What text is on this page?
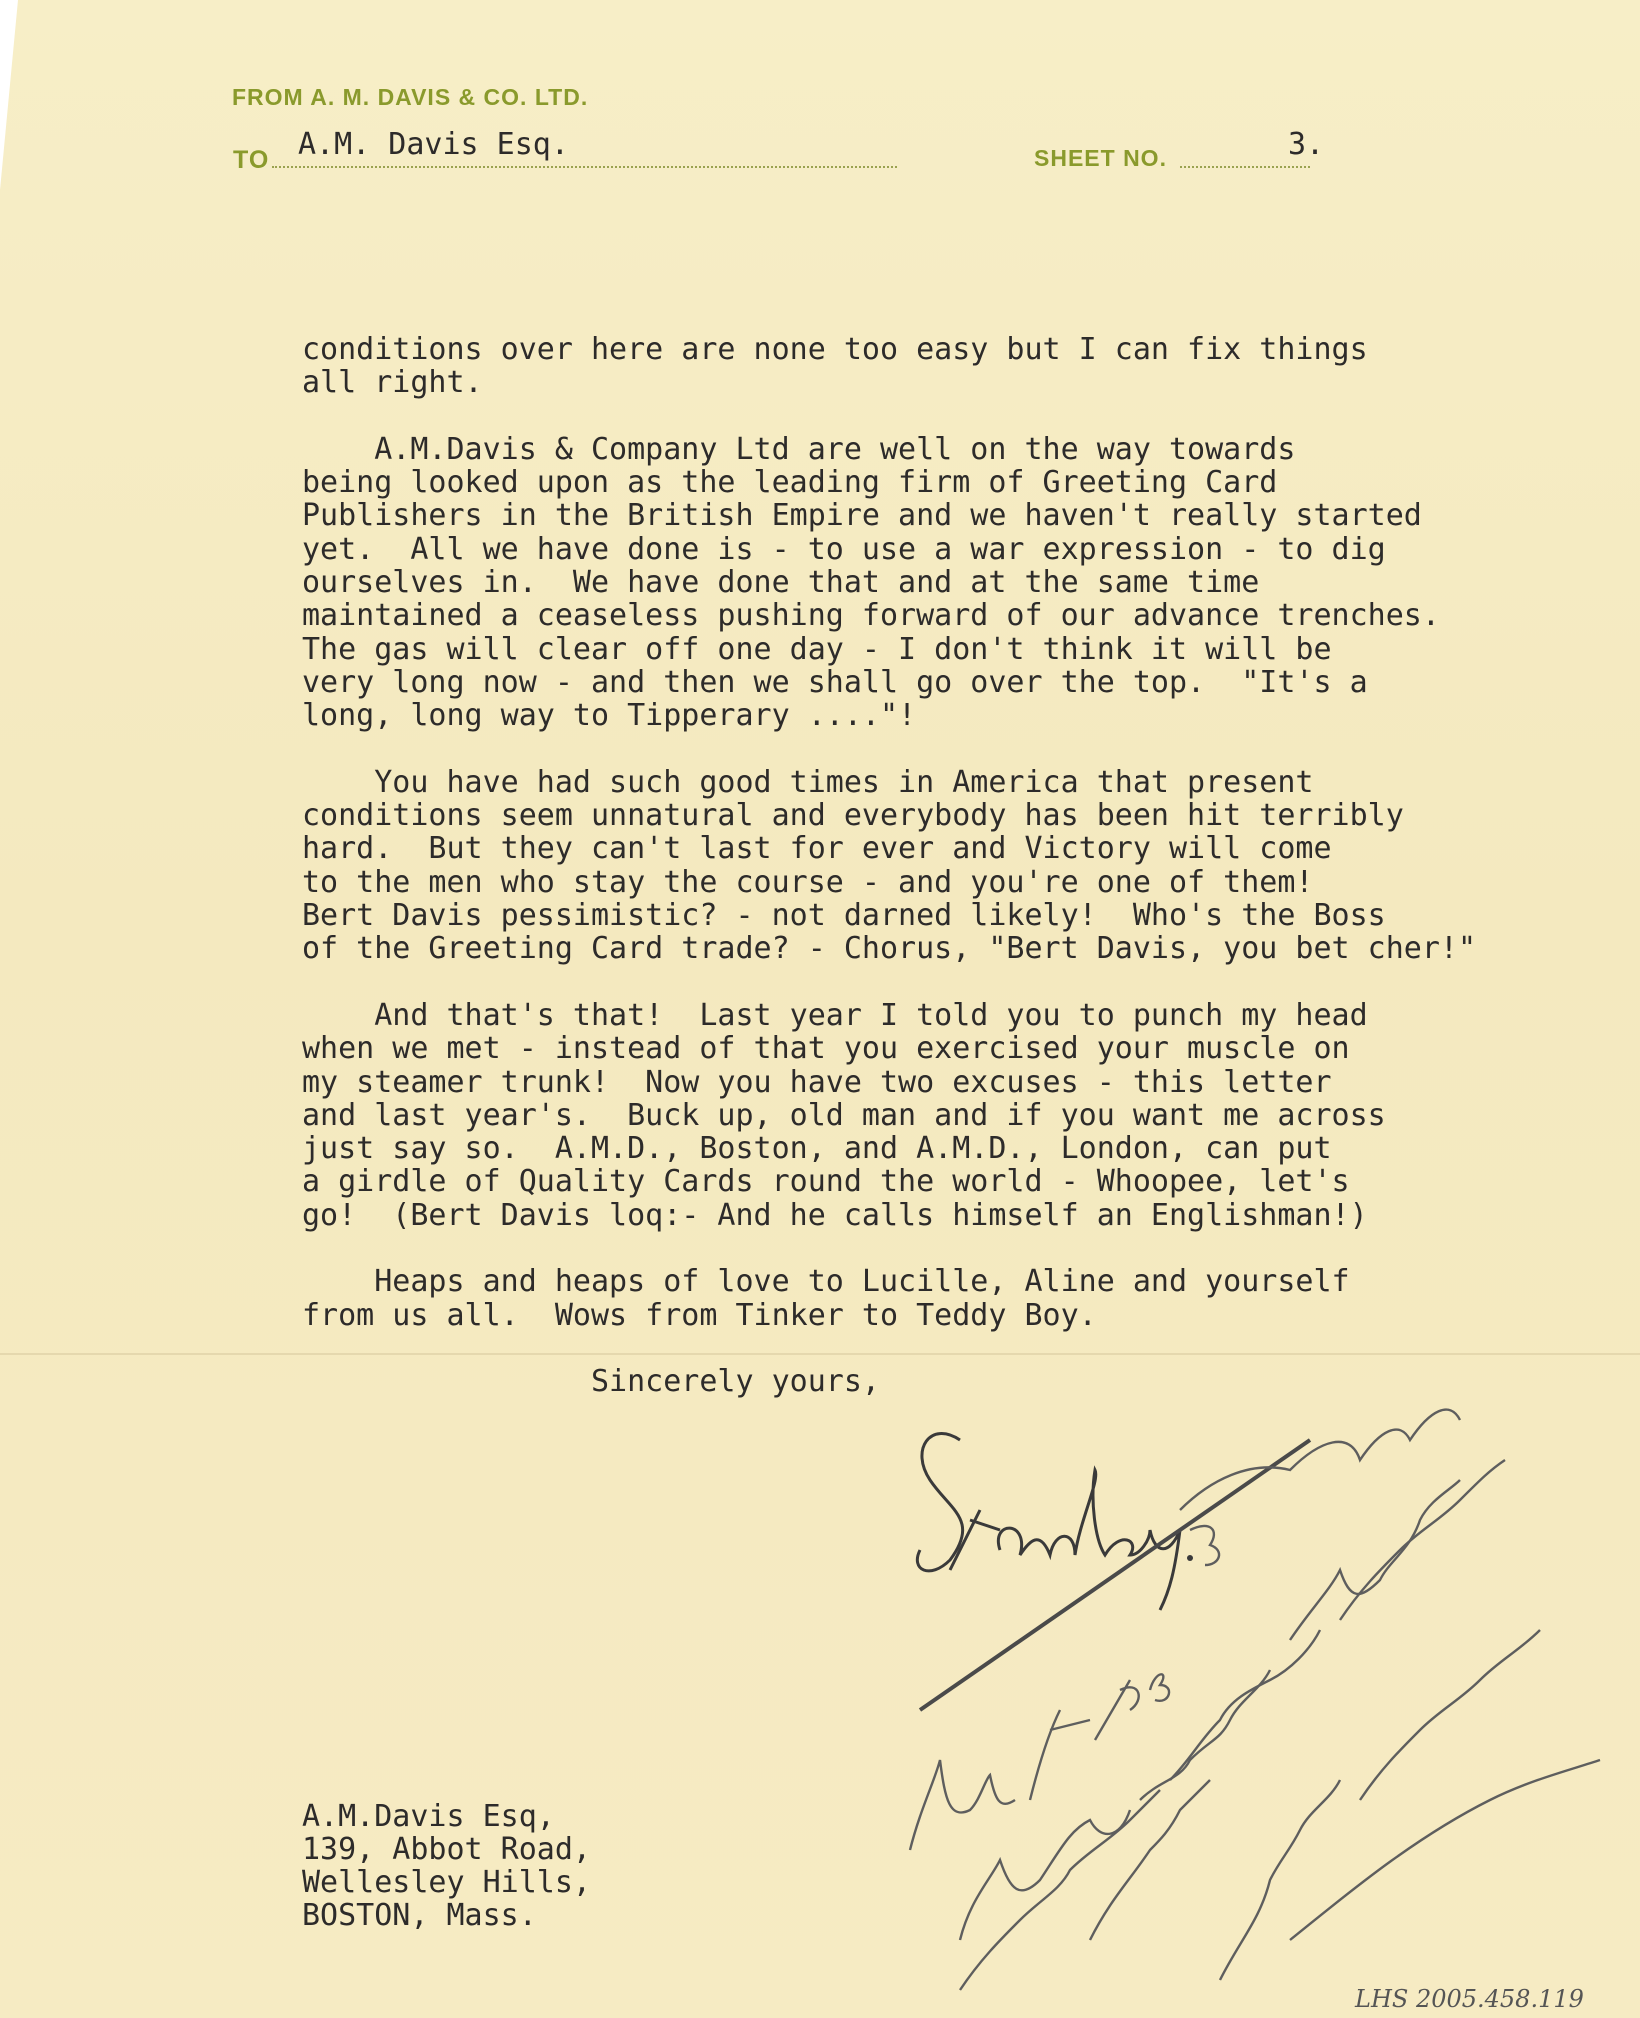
FROM A. M. DAVIS & CO. LTD.
TO	SHEET NO.
A.M. Davis Esq.	3.
conditions over here are none too easy but I can fix things
all right.

A.M.Davis & Company Ltd are well on the way towards
being looked upon as the leading firm of Greeting Card
Publishers in the British Empire and we haven't really started
yet.  All we have done is - to use a war expression - to dig
ourselves in.  We have done that and at the same time
maintained a ceaseless pushing forward of our advance trenches.
The gas will clear off one day - I don't think it will be
very long now - and then we shall go over the top.  "It's a
long, long way to Tipperary ...."!

You have had such good times in America that present
conditions seem unnatural and everybody has been hit terribly
hard.  But they can't last for ever and Victory will come
to the men who stay the course - and you're one of them!
Bert Davis pessimistic? - not darned likely!  Who's the Boss
of the Greeting Card trade? - Chorus, "Bert Davis, you bet cher!"

And that's that!  Last year I told you to punch my head
when we met - instead of that you exercised your muscle on
my steamer trunk!  Now you have two excuses - this letter
and last year's.  Buck up, old man and if you want me across
just say so.  A.M.D., Boston, and A.M.D., London, can put
a girdle of Quality Cards round the world - Whoopee, let's
go!  (Bert Davis loq:- And he calls himself an Englishman!)

Heaps and heaps of love to Lucille, Aline and yourself
from us all.  Wows from Tinker to Teddy Boy.

Sincerely yours,
A.M.Davis Esq,
139, Abbot Road,
Wellesley Hills,
BOSTON, Mass.
LHS 2005.458.119
